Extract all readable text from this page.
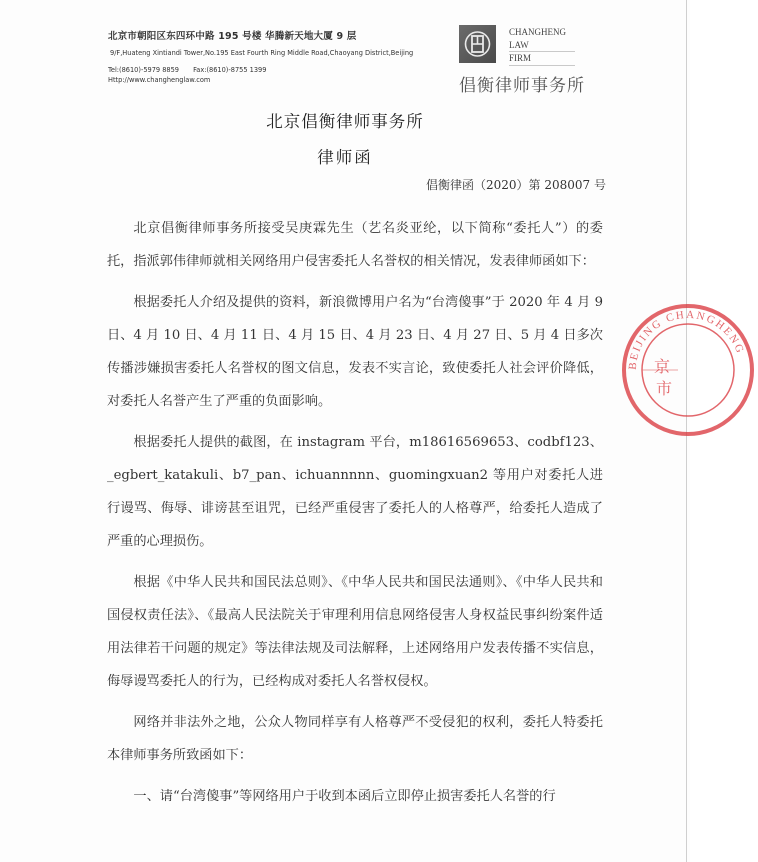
北京市朝阳区东四环中路 195 号楼 华腾新天地大厦 9 层
9/F,Huateng Xintiandi Tower,No.195 East Fourth Ring Middle Road,Chaoyang District,Beijing
Tel:(8610)-5979 8859 Fax:(8610)-8755 1399
Http://www.changhenglaw.com
CHANGHENG
LAW
FIRM
倡衡律师事务所
北京倡衡律师事务所
律师函
倡衡律函（2020）第 208007 号

北京倡衡律师事务所接受吴庚霖先生（艺名炎亚纶，以下简称“委托人”）的委托，指派郭伟律师就相关网络用户侵害委托人名誉权的相关情况，发表律师函如下：

根据委托人介绍及提供的资料，新浪微博用户名为“台湾傻事”于 2020 年 4 月 9 日、4 月 10 日、4 月 11 日、4 月 15 日、4 月 23 日、4 月 27 日、5 月 4 日多次传播涉嫌损害委托人名誉权的图文信息，发表不实言论，致使委托人社会评价降低，对委托人名誉产生了严重的负面影响。

根据委托人提供的截图，在 instagram 平台，m18616569653、codbf123、_egbert_katakuli、b7_pan、ichuannnnn、guomingxuan2 等用户对委托人进行谩骂、侮辱、诽谤甚至诅咒，已经严重侵害了委托人的人格尊严，给委托人造成了严重的心理损伤。

根据《中华人民共和国民法总则》、《中华人民共和国民法通则》、《中华人民共和国侵权责任法》、《最高人民法院关于审理利用信息网络侵害人身权益民事纠纷案件适用法律若干问题的规定》等法律法规及司法解释，上述网络用户发表传播不实信息，侮辱谩骂委托人的行为，已经构成对委托人名誉权侵权。

网络并非法外之地，公众人物同样享有人格尊严不受侵犯的权利，委托人特委托本律师事务所致函如下：

一、请“台湾傻事”等网络用户于收到本函后立即停止损害委托人名誉的行

BEIJING CHANGHENG
京
市
